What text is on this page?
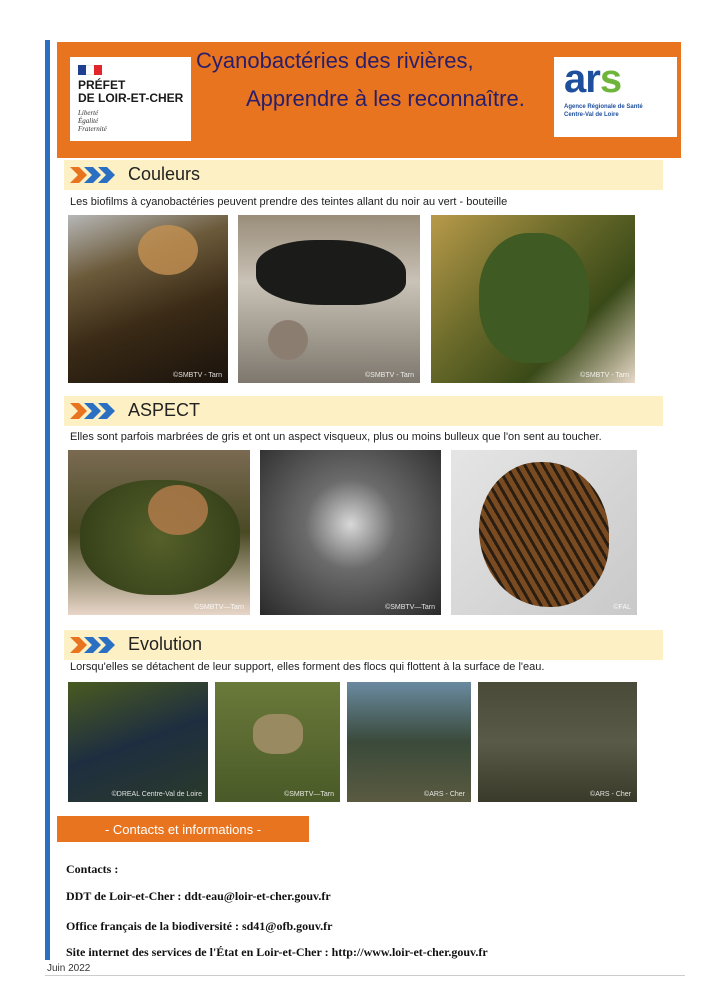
PRÉFET
DE LOIR-ET-CHER
Liberté
Égalité
Fraternité
Cyanobactéries des rivières,
Apprendre à les reconnaître. ars
Agence Régionale de Santé
Centre-Val de Loire
Couleurs
Les biofilms à cyanobactéries peuvent prendre des teintes allant du noir au vert - bouteille
©SMBTV - Tarn	©SMBTV - Tarn	©SMBTV - Tarn
ASPECT
Elles sont parfois marbrées de gris et ont un aspect visqueux, plus ou moins bulleux que l'on sent au toucher.
©SMBTV—Tarn	©SMBTV—Tarn	©FAL
Evolution
Lorsqu'elles se détachent de leur support, elles forment des flocs qui flottent à la surface de l'eau.
©DREAL Centre-Val de Loire	©SMBTV—Tarn	©ARS - Cher	©ARS - Cher
- Contacts et informations -
Contacts :
DDT de Loir-et-Cher : ddt-eau@loir-et-cher.gouv.fr
Office français de la biodiversité : sd41@ofb.gouv.fr
Site internet des services de l'État en Loir-et-Cher : http://www.loir-et-cher.gouv.fr
Juin 2022
